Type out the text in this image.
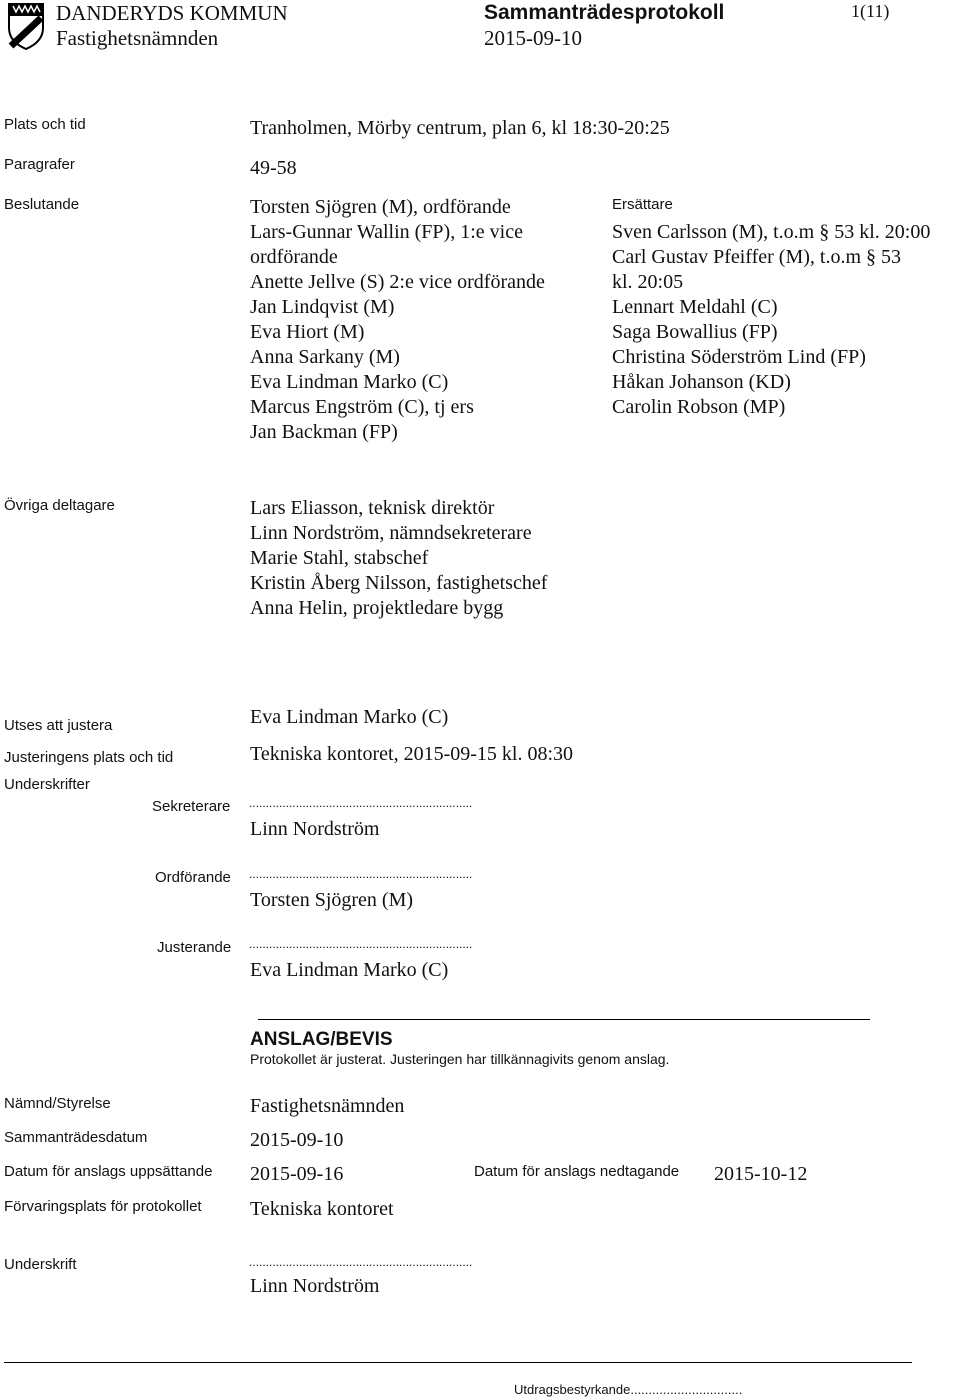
DANDERYDS KOMMUN
Fastighetsnämnden
Sammanträdesprotokoll
2015-09-10
1(11)
Plats och tid	Tranholmen, Mörby centrum, plan 6, kl 18:30-20:25
Paragrafer	49-58
Beslutande	Torsten Sjögren (M), ordförande
Lars-Gunnar Wallin (FP), 1:e vice
ordförande
Anette Jellve (S) 2:e vice ordförande
Jan Lindqvist (M)
Eva Hiort (M)
Anna Sarkany (M)
Eva Lindman Marko (C)
Marcus Engström (C), tj ers
Jan Backman (FP)
Ersättare
Sven Carlsson (M), t.o.m § 53 kl. 20:00
Carl Gustav Pfeiffer (M), t.o.m § 53
kl. 20:05
Lennart Meldahl (C)
Saga Bowallius (FP)
Christina Söderström Lind (FP)
Håkan Johanson (KD)
Carolin Robson (MP)
Övriga deltagare	Lars Eliasson, teknisk direktör
Linn Nordström, nämndsekreterare
Marie Stahl, stabschef
Kristin Åberg Nilsson, fastighetschef
Anna Helin, projektledare bygg
Utses att justera	Eva Lindman Marko (C)
Justeringens plats och tid	Tekniska kontoret, 2015-09-15 kl. 08:30
Underskrifter
Sekreterare ...................................................................
Linn Nordström
Ordförande ...................................................................
Torsten Sjögren (M)
Justerande ...................................................................
Eva Lindman Marko (C)
ANSLAG/BEVIS
Protokollet är justerat. Justeringen har tillkännagivits genom anslag.
Nämnd/Styrelse	Fastighetsnämnden
Sammanträdesdatum	2015-09-10
Datum för anslags uppsättande 2015-09-16	Datum för anslags nedtagande 2015-10-12
Förvaringsplats för protokollet Tekniska kontoret
Underskrift	...................................................................
Linn Nordström
Utdragsbestyrkande...............................
